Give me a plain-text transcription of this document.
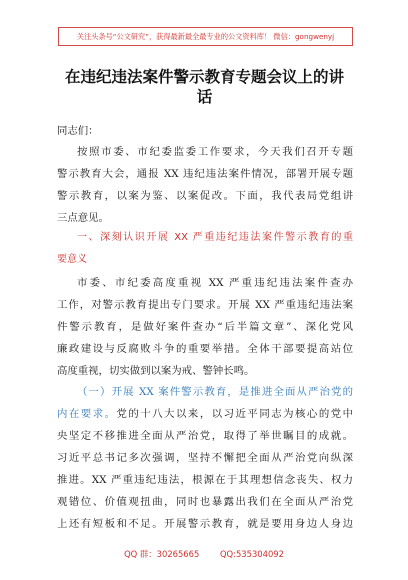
关注头条号“公文研究”，获得最新最全最专业的公文资料库！ 微信：gongwenyj
在违纪违法案件警示教育专题会议上的讲
话
同志们：
按照市委、市纪委监委工作要求，今天我们召开专题
警示教育大会，通报 XX 违纪违法案件情况，部署开展专题
警示教育，以案为鉴、以案促改。下面，我代表局党组讲
三点意见。
一、深刻认识开展 XX 严重违纪违法案件警示教育的重
要意义
市委、市纪委高度重视 XX 严重违纪违法案件查办
工作，对警示教育提出专门要求。开展 XX 严重违纪违法案
件警示教育，是做好案件查办“后半篇文章”、深化党风
廉政建设与反腐败斗争的重要举措。全体干部要提高站位
高度重视，切实做到以案为戒、警钟长鸣。
（一）开展 XX 案件警示教育，是推进全面从严治党的
内在要求。党的十八大以来，以习近平同志为核心的党中
央坚定不移推进全面从严治党，取得了举世瞩目的成就。
习近平总书记多次强调，坚持不懈把全面从严治党向纵深
推进。XX 严重违纪违法，根源在于其理想信念丧失、权力
观错位、价值观扭曲，同时也暴露出我们在全面从严治党
上还有短板和不足。开展警示教育，就是要用身边人身边
QQ 群：30265665 QQ:535304092
